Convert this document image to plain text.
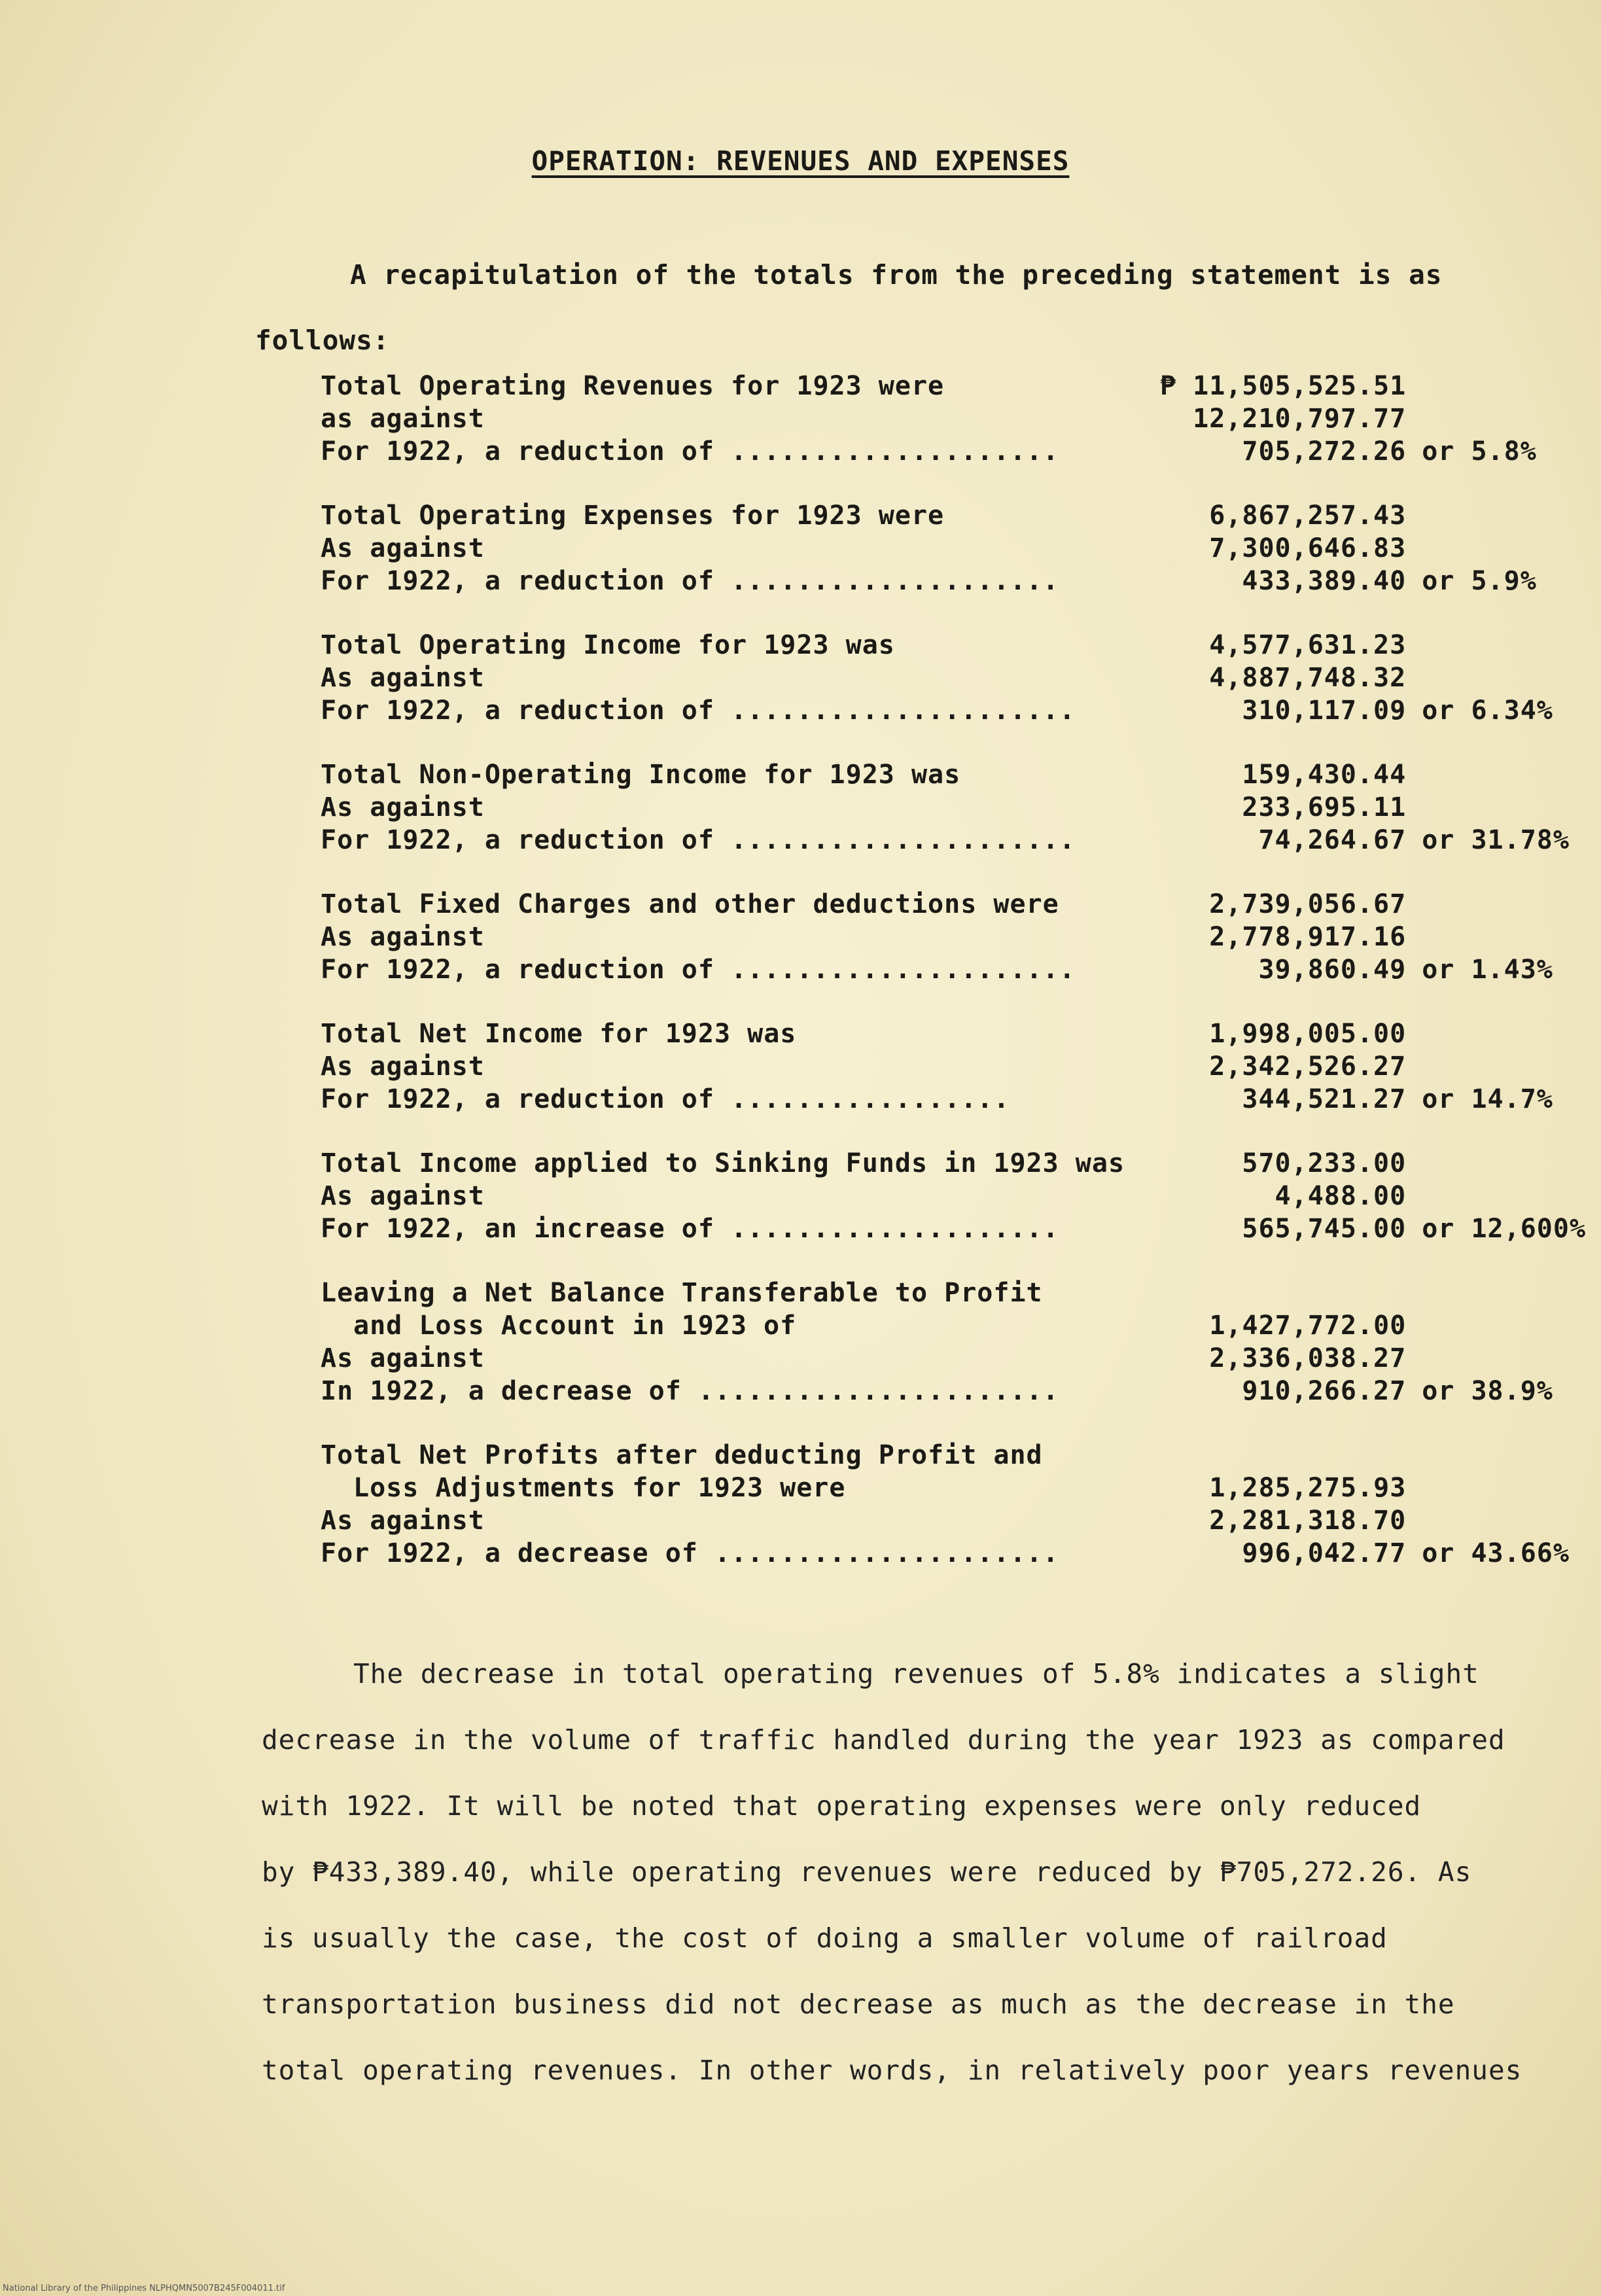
OPERATION: REVENUES AND EXPENSES
A recapitulation of the totals from the preceding statement is as follows:
Total Operating Revenues for 1923 were	₱ 11,505,525.51
as against	12,210,797.77
For 1922, a reduction of ....................	705,272.26 or 5.8%
Total Operating Expenses for 1923 were	6,867,257.43
As against	7,300,646.83
For 1922, a reduction of ....................	433,389.40 or 5.9%
Total Operating Income for 1923 was	4,577,631.23
As against	4,887,748.32
For 1922, a reduction of .....................	310,117.09 or 6.34%
Total Non-Operating Income for 1923 was	159,430.44
As against	233,695.11
For 1922, a reduction of .....................	74,264.67 or 31.78%
Total Fixed Charges and other deductions were	2,739,056.67
As against	2,778,917.16
For 1922, a reduction of .....................	39,860.49 or 1.43%
Total Net Income for 1923 was	1,998,005.00
As against	2,342,526.27
For 1922, a reduction of .................	344,521.27 or 14.7%
Total Income applied to Sinking Funds in 1923 was	570,233.00
As against	4,488.00
For 1922, an increase of ....................	565,745.00 or 12,600%
Leaving a Net Balance Transferable to Profit
and Loss Account in 1923 of	1,427,772.00
As against	2,336,038.27
In 1922, a decrease of ......................	910,266.27 or 38.9%
Total Net Profits after deducting Profit and
Loss Adjustments for 1923 were	1,285,275.93
As against	2,281,318.70
For 1922, a decrease of .....................	996,042.77 or 43.66%
The decrease in total operating revenues of 5.8% indicates a slight
decrease in the volume of traffic handled during the year 1923 as compared
with 1922. It will be noted that operating expenses were only reduced
by ₱433,389.40, while operating revenues were reduced by ₱705,272.26. As
is usually the case, the cost of doing a smaller volume of railroad
transportation business did not decrease as much as the decrease in the
total operating revenues. In other words, in relatively poor years revenues
National Library of the Philippines NLPHQMN5007B245F004011.tif
